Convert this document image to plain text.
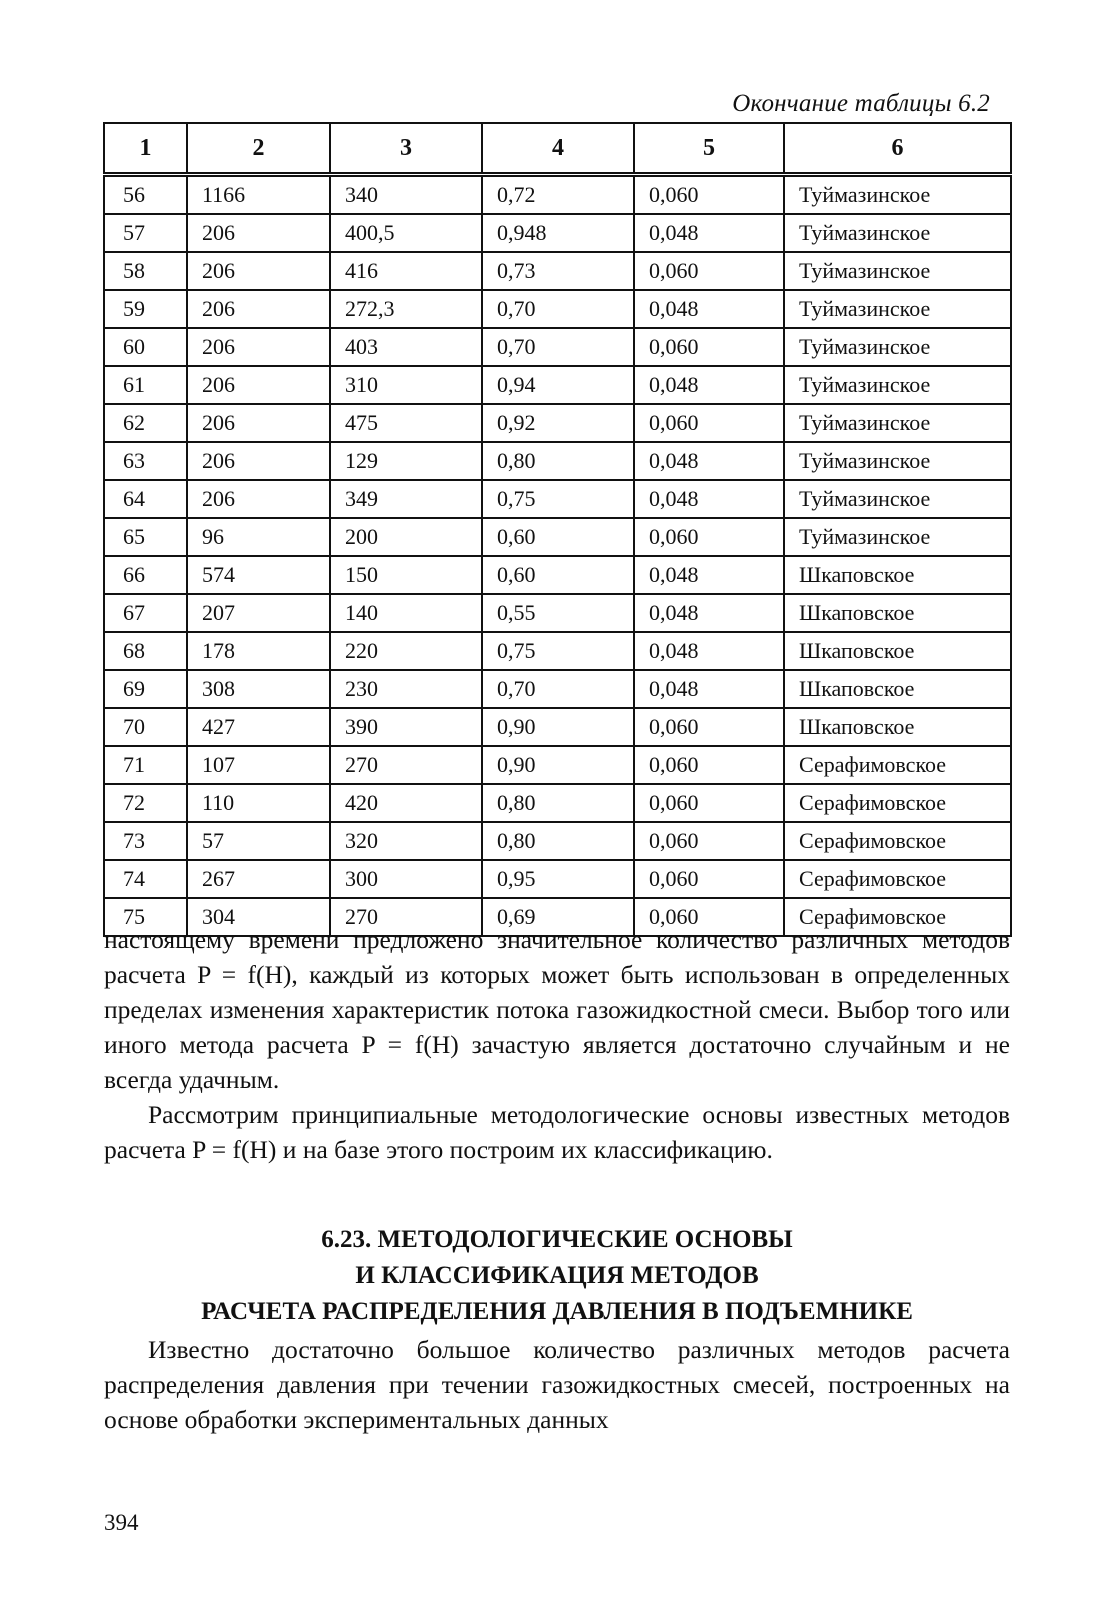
Окончание таблицы 6.2
1	2	3	4	5	6
56	1166	340	0,72	0,060	Туймазинское
57	206	400,5	0,948	0,048	Туймазинское
58	206	416	0,73	0,060	Туймазинское
59	206	272,3	0,70	0,048	Туймазинское
60	206	403	0,70	0,060	Туймазинское
61	206	310	0,94	0,048	Туймазинское
62	206	475	0,92	0,060	Туймазинское
63	206	129	0,80	0,048	Туймазинское
64	206	349	0,75	0,048	Туймазинское
65	96	200	0,60	0,060	Туймазинское
66	574	150	0,60	0,048	Шкаповское
67	207	140	0,55	0,048	Шкаповское
68	178	220	0,75	0,048	Шкаповское
69	308	230	0,70	0,048	Шкаповское
70	427	390	0,90	0,060	Шкаповское
71	107	270	0,90	0,060	Серафимовское
72	110	420	0,80	0,060	Серафимовское
73	57	320	0,80	0,060	Серафимовское
74	267	300	0,95	0,060	Серафимовское
75	304	270	0,69	0,060	Серафимовское

настоящему времени предложено значительное количество различных методов расчета P = f(H), каждый из которых может быть использован в определенных пределах изменения характеристик потока газожидкостной смеси. Выбор того или иного метода расчета P = f(H) зачастую является достаточно случайным и не всегда удачным.

Рассмотрим принципиальные методологические основы известных методов расчета P = f(H) и на базе этого построим их классификацию.

6.23. МЕТОДОЛОГИЧЕСКИЕ ОСНОВЫ
И КЛАССИФИКАЦИЯ МЕТОДОВ
РАСЧЕТА РАСПРЕДЕЛЕНИЯ ДАВЛЕНИЯ В ПОДЪЕМНИКЕ

Известно достаточно большое количество различных методов расчета распределения давления при течении газожидкостных смесей, построенных на основе обработки экспериментальных данных

394
